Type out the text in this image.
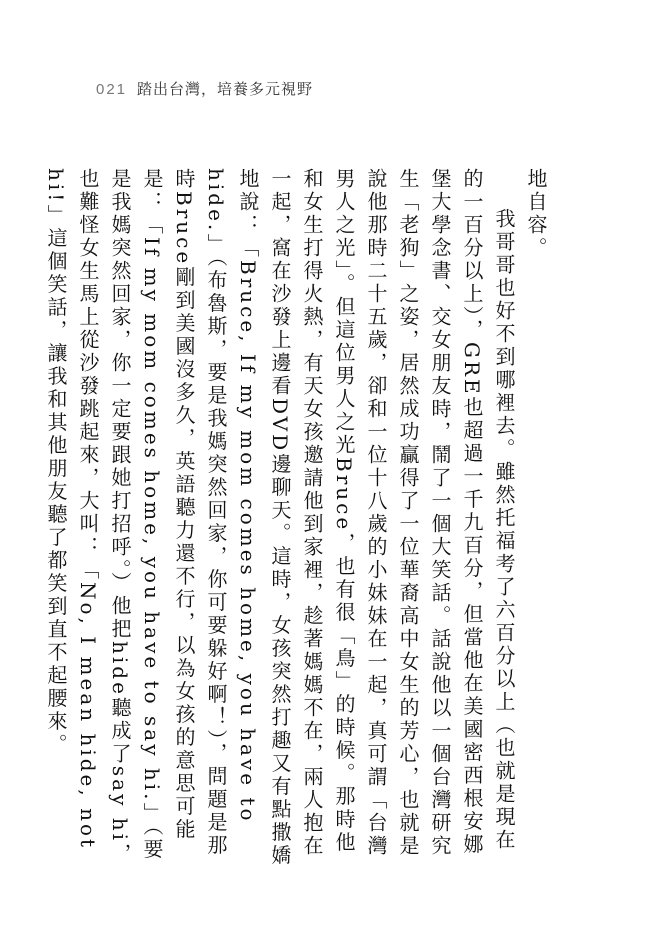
021 踏出台灣，培養多元視野

地自容。

我哥哥也好不到哪裡去。雖然托福考了六百分以上（也就是現在的一百分以上），GRE也超過一千九百分，但當他在美國密西根安娜堡大學念書、交女朋友時，鬧了一個大笑話。話說他以一個台灣研究生「老狗」之姿，居然成功贏得了一位華裔高中女生的芳心，也就是說他那時二十五歲，卻和一位十八歲的小妹妹在一起，真可謂「台灣男人之光」。但這位男人之光Bruce，也有很「鳥」的時候。那時他和女生打得火熱，有天女孩邀請他到家裡，趁著媽媽不在，兩人抱在一起，窩在沙發上邊看DVD邊聊天。這時，女孩突然打趣又有點撒嬌地說：「Bruce, If my mom comes home, you have to hide.」（布魯斯，要是我媽突然回家，你可要躲好啊！），問題是那時Bruce剛到美國沒多久，英語聽力還不行，以為女孩的意思可能是：「If my mom comes home, you have to say hi.」（要是我媽突然回家，你一定要跟她打招呼。）他把hide聽成了say hi，也難怪女生馬上從沙發跳起來，大叫：「No, I mean hide, not hi!」這個笑話，讓我和其他朋友聽了都笑到直不起腰來。
